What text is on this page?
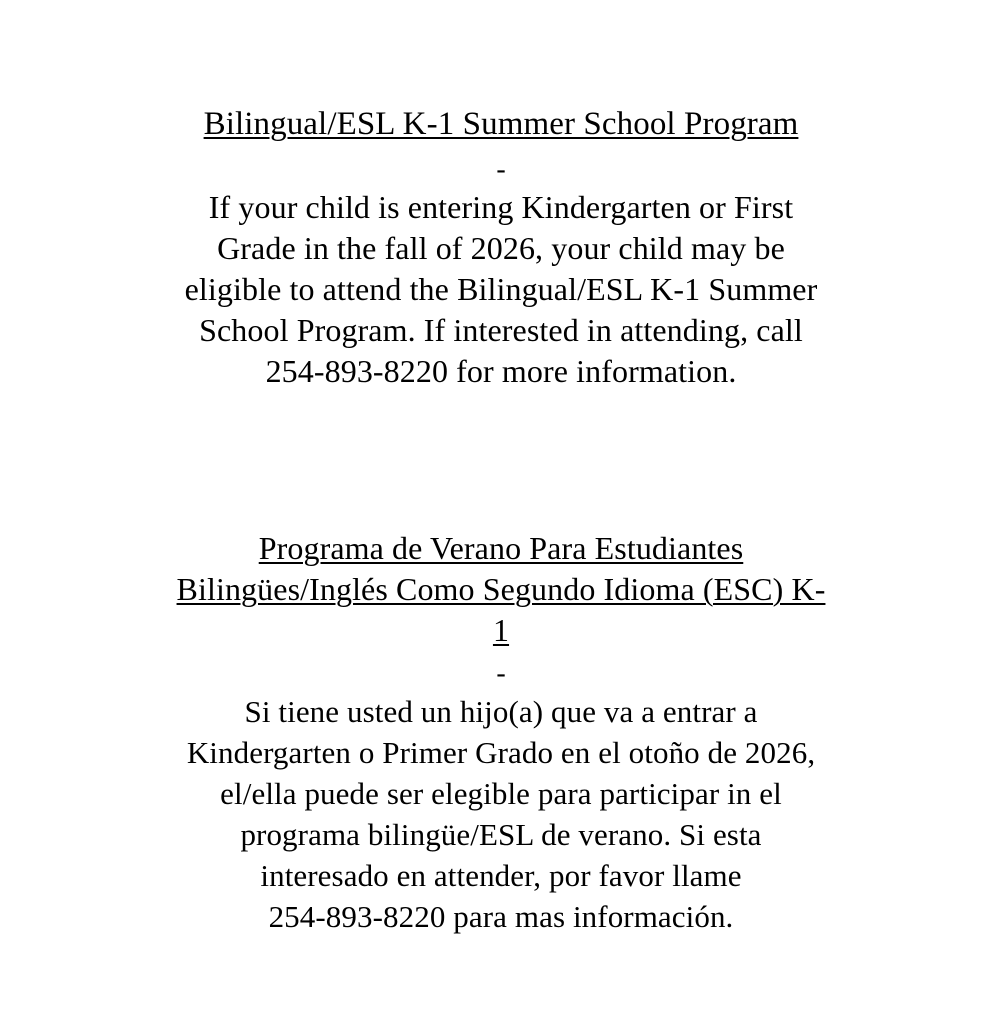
Bilingual/ESL K-1 Summer School Program
-
If your child is entering Kindergarten or First
Grade in the fall of 2026, your child may be
eligible to attend the Bilingual/ESL K-1 Summer
School Program. If interested in attending, call
254-893-8220 for more information.
Programa de Verano Para Estudiantes
Bilingües/Inglés Como Segundo Idioma (ESC) K-
1
-
Si tiene usted un hijo(a) que va a entrar a
Kindergarten o Primer Grado en el otoño de 2026,
el/ella puede ser elegible para participar in el
programa bilingüe/ESL de verano. Si esta
interesado en attender, por favor llame
254-893-8220 para mas información.
